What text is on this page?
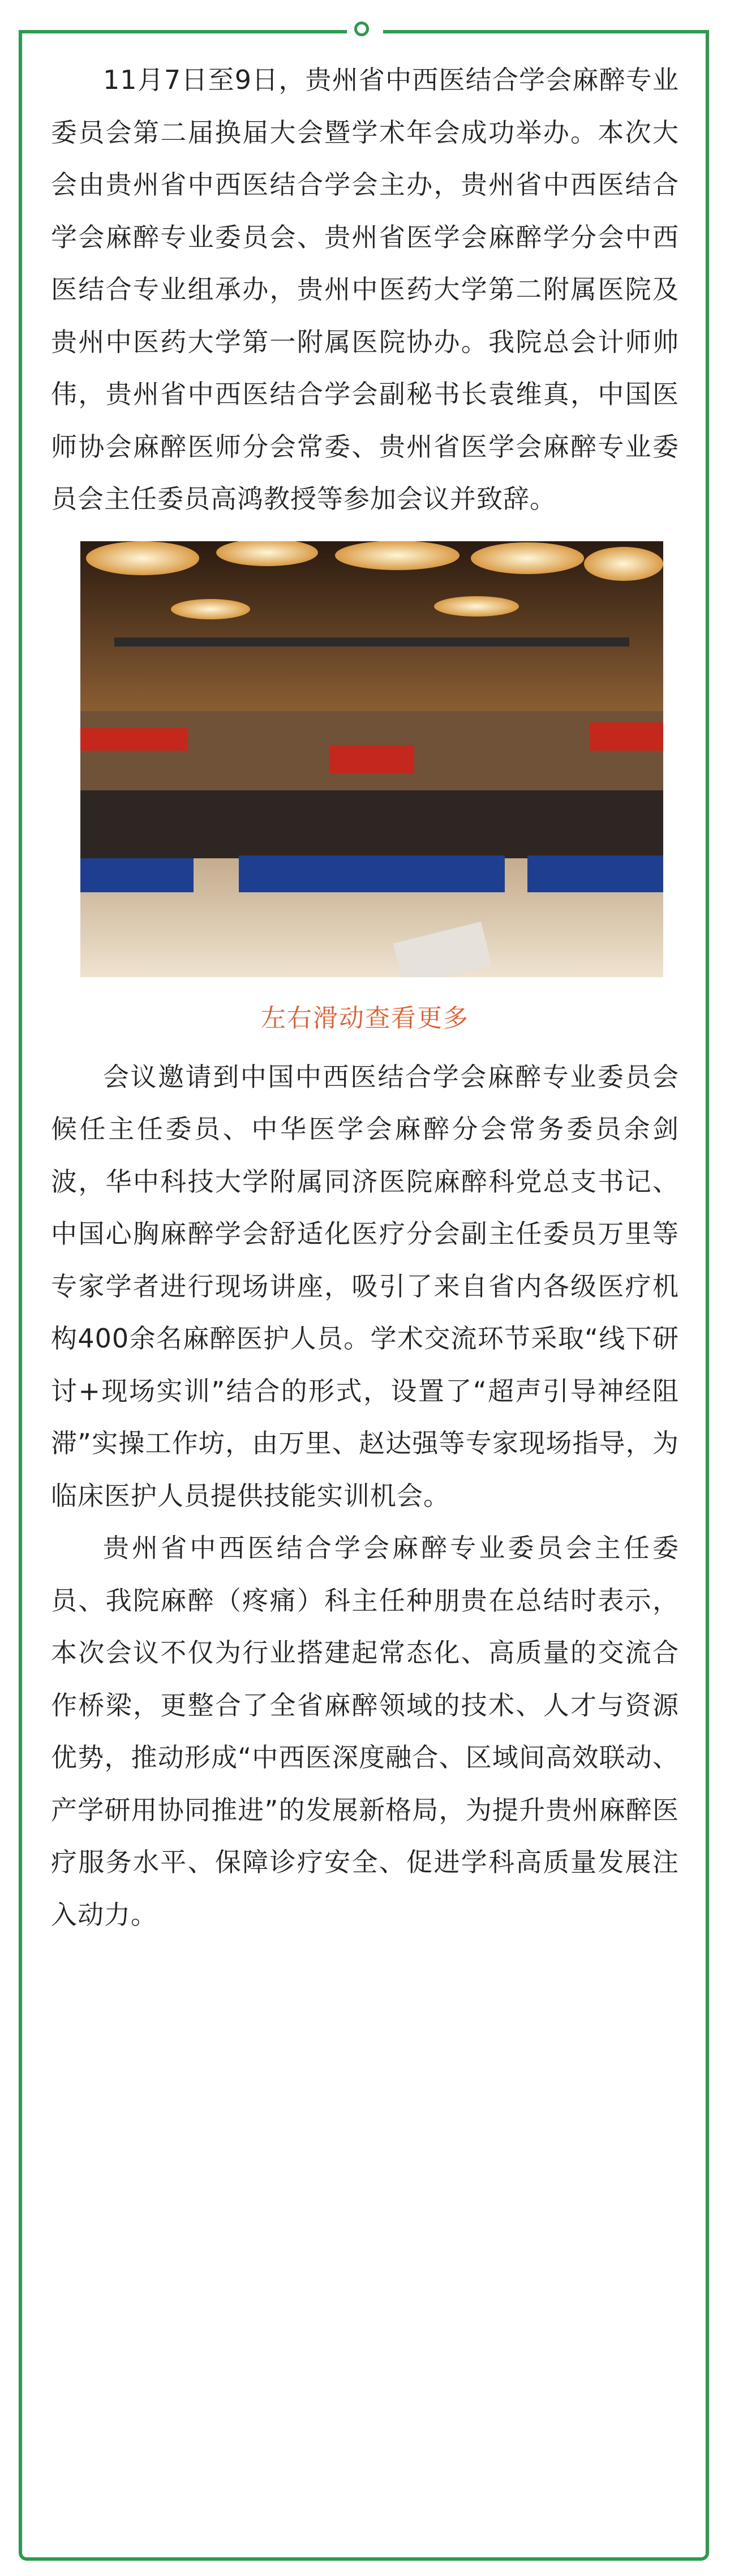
11月7日至9日，贵州省中西医结合学会麻醉专业委员会第二届换届大会暨学术年会成功举办。本次大会由贵州省中西医结合学会主办，贵州省中西医结合学会麻醉专业委员会、贵州省医学会麻醉学分会中西医结合专业组承办，贵州中医药大学第二附属医院及贵州中医药大学第一附属医院协办。我院总会计师帅伟，贵州省中西医结合学会副秘书长袁维真，中国医师协会麻醉医师分会常委、贵州省医学会麻醉专业委员会主任委员高鸿教授等参加会议并致辞。

左右滑动查看更多

会议邀请到中国中西医结合学会麻醉专业委员会候任主任委员、中华医学会麻醉分会常务委员余剑波，华中科技大学附属同济医院麻醉科党总支书记、中国心胸麻醉学会舒适化医疗分会副主任委员万里等专家学者进行现场讲座，吸引了来自省内各级医疗机构400余名麻醉医护人员。学术交流环节采取“线下研讨+现场实训”结合的形式，设置了“超声引导神经阻滞”实操工作坊，由万里、赵达强等专家现场指导，为临床医护人员提供技能实训机会。

贵州省中西医结合学会麻醉专业委员会主任委员、我院麻醉（疼痛）科主任种朋贵在总结时表示，本次会议不仅为行业搭建起常态化、高质量的交流合作桥梁，更整合了全省麻醉领域的技术、人才与资源优势，推动形成“中西医深度融合、区域间高效联动、产学研用协同推进”的发展新格局，为提升贵州麻醉医疗服务水平、保障诊疗安全、促进学科高质量发展注入动力。
